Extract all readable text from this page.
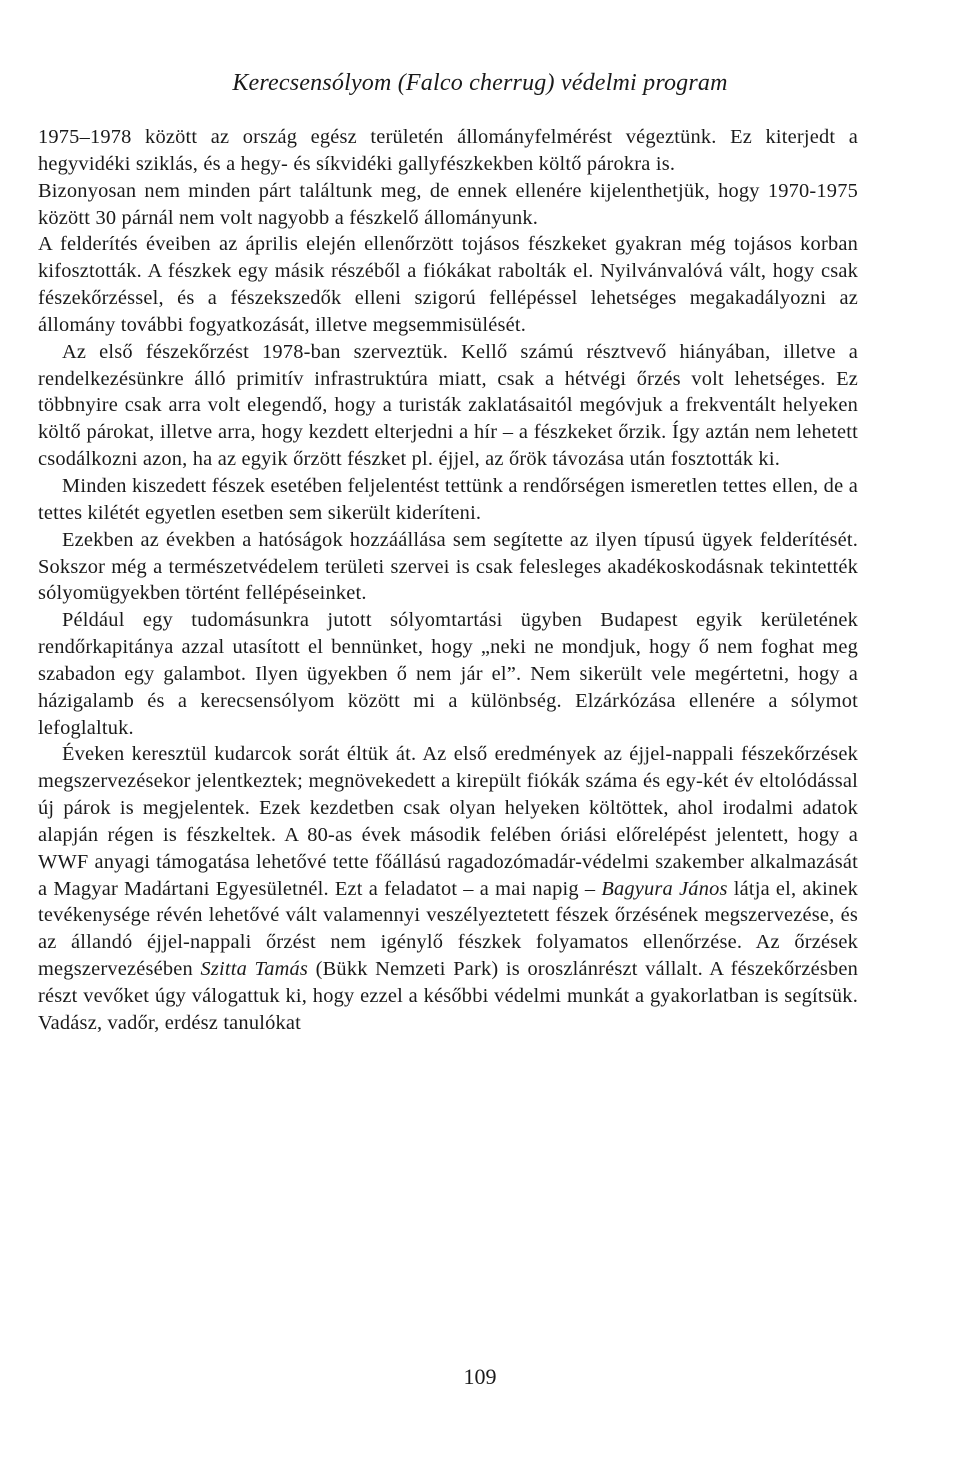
Kerecsensólyom (Falco cherrug) védelmi program

1975–1978 között az ország egész területén állományfelmérést végeztünk. Ez kiterjedt a hegyvidéki sziklás, és a hegy- és síkvidéki gallyfészkekben költő párokra is.

Bizonyosan nem minden párt találtunk meg, de ennek ellenére kijelenthetjük, hogy 1970-1975 között 30 párnál nem volt nagyobb a fészkelő állományunk.

A felderítés éveiben az április elején ellenőrzött tojásos fészkeket gyakran még tojásos korban kifosztották. A fészkek egy másik részéből a fiókákat rabolták el. Nyilvánvalóvá vált, hogy csak fészekőrzéssel, és a fészekszedők elleni szigorú fellépéssel lehetséges megakadályozni az állomány további fogyatkozását, illetve megsemmisülését.

Az első fészekőrzést 1978-ban szerveztük. Kellő számú résztvevő hiányában, illetve a rendelkezésünkre álló primitív infrastruktúra miatt, csak a hétvégi őrzés volt lehetséges. Ez többnyire csak arra volt elegendő, hogy a turisták zaklatásaitól megóvjuk a frekventált helyeken költő párokat, illetve arra, hogy kezdett elterjedni a hír – a fészkeket őrzik. Így aztán nem lehetett csodálkozni azon, ha az egyik őrzött fészket pl. éjjel, az őrök távozása után fosztották ki.

Minden kiszedett fészek esetében feljelentést tettünk a rendőrségen ismeretlen tettes ellen, de a tettes kilétét egyetlen esetben sem sikerült kideríteni.

Ezekben az években a hatóságok hozzáállása sem segítette az ilyen típusú ügyek felderítését. Sokszor még a természetvédelem területi szervei is csak felesleges akadékoskodásnak tekintették sólyomügyekben történt fellépéseinket.

Például egy tudomásunkra jutott sólyomtartási ügyben Budapest egyik kerületének rendőrkapitánya azzal utasított el bennünket, hogy „neki ne mondjuk, hogy ő nem foghat meg szabadon egy galambot. Ilyen ügyekben ő nem jár el”. Nem sikerült vele megértetni, hogy a házigalamb és a kerecsensólyom között mi a különbség. Elzárkózása ellenére a sólymot lefoglaltuk.

Éveken keresztül kudarcok sorát éltük át. Az első eredmények az éjjel-nappali fészekőrzések megszervezésekor jelentkeztek; megnövekedett a kirepült fiókák száma és egy-két év eltolódással új párok is megjelentek. Ezek kezdetben csak olyan helyeken költöttek, ahol irodalmi adatok alapján régen is fészkeltek. A 80-as évek második felében óriási előrelépést jelentett, hogy a WWF anyagi támogatása lehetővé tette főállású ragadozómadár-védelmi szakember alkalmazását a Magyar Madártani Egyesületnél. Ezt a feladatot – a mai napig – Bagyura János látja el, akinek tevékenysége révén lehetővé vált valamennyi veszélyeztetett fészek őrzésének megszervezése, és az állandó éjjel-nappali őrzést nem igénylő fészkek folyamatos ellenőrzése. Az őrzések megszervezésében Szitta Tamás (Bükk Nemzeti Park) is oroszlánrészt vállalt. A fészekőrzésben részt vevőket úgy válogattuk ki, hogy ezzel a későbbi védelmi munkát a gyakorlatban is segítsük. Vadász, vadőr, erdész tanulókat

109
